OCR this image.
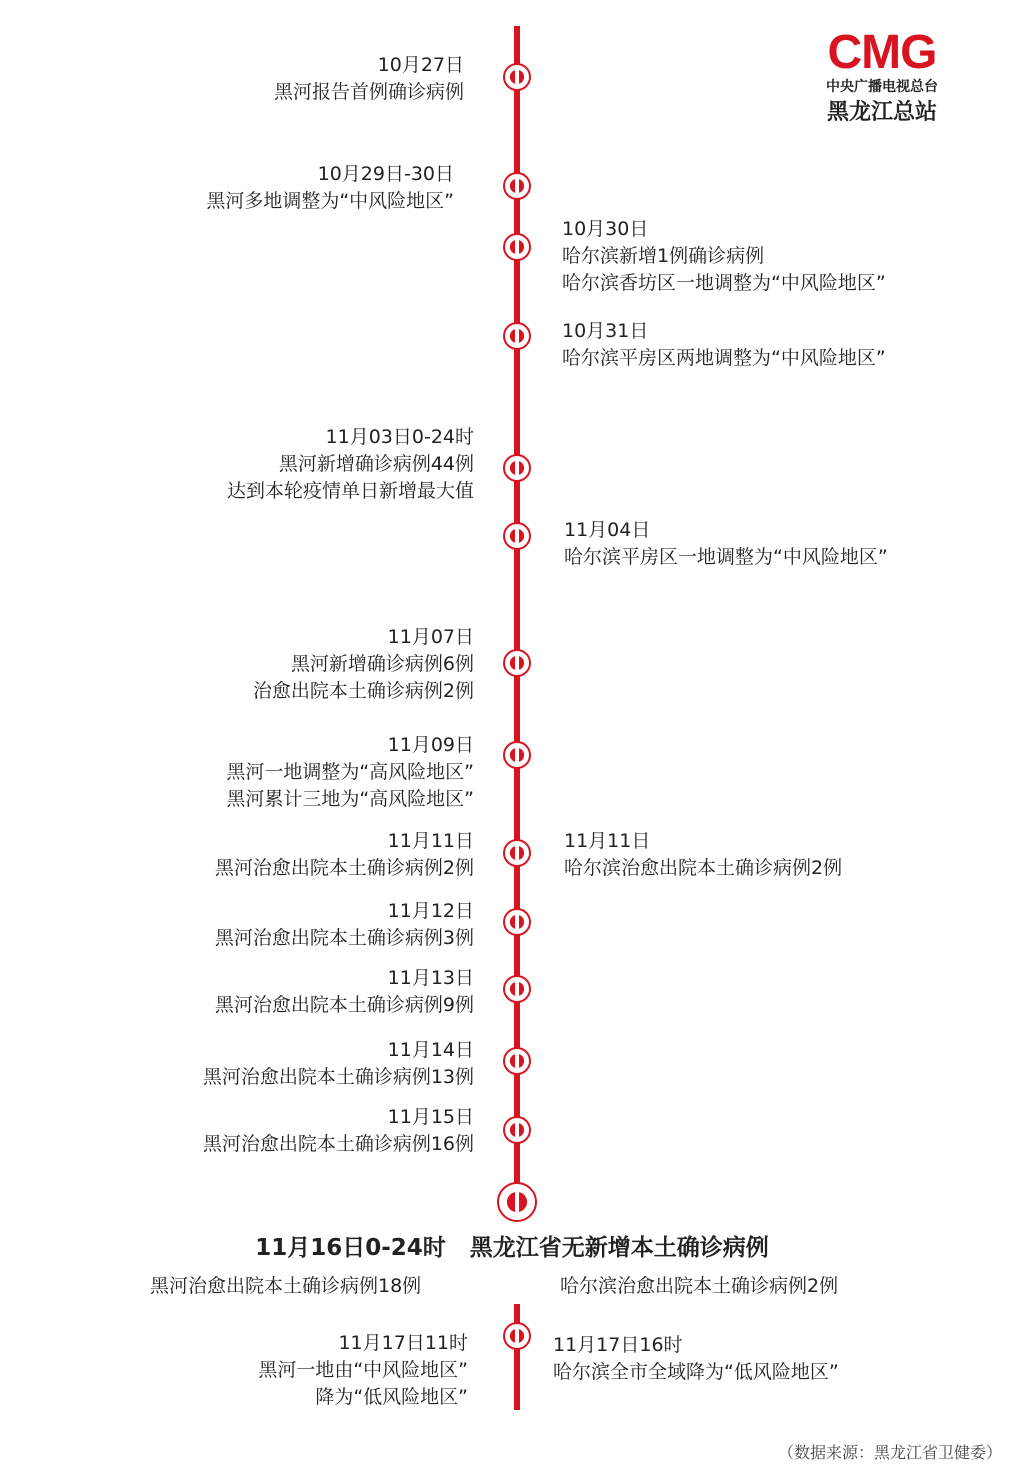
CMG
中央广播电视总台
黑龙江总站
10月27日
黑河报告首例确诊病例
10月29日-30日
黑河多地调整为“中风险地区”
10月30日
哈尔滨新增1例确诊病例
哈尔滨香坊区一地调整为“中风险地区”
10月31日
哈尔滨平房区两地调整为“中风险地区”
11月03日0-24时
黑河新增确诊病例44例
达到本轮疫情单日新增最大值
11月04日
哈尔滨平房区一地调整为“中风险地区”
11月07日
黑河新增确诊病例6例
治愈出院本土确诊病例2例
11月09日
黑河一地调整为“高风险地区”
黑河累计三地为“高风险地区”
11月11日
黑河治愈出院本土确诊病例2例
11月11日
哈尔滨治愈出院本土确诊病例2例
11月12日
黑河治愈出院本土确诊病例3例
11月13日
黑河治愈出院本土确诊病例9例
11月14日
黑河治愈出院本土确诊病例13例
11月15日
黑河治愈出院本土确诊病例16例
11月16日0-24时 黑龙江省无新增本土确诊病例
黑河治愈出院本土确诊病例18例	哈尔滨治愈出院本土确诊病例2例
11月17日11时
黑河一地由“中风险地区”
降为“低风险地区”
11月17日16时
哈尔滨全市全域降为“低风险地区”
（数据来源：黑龙江省卫健委）
